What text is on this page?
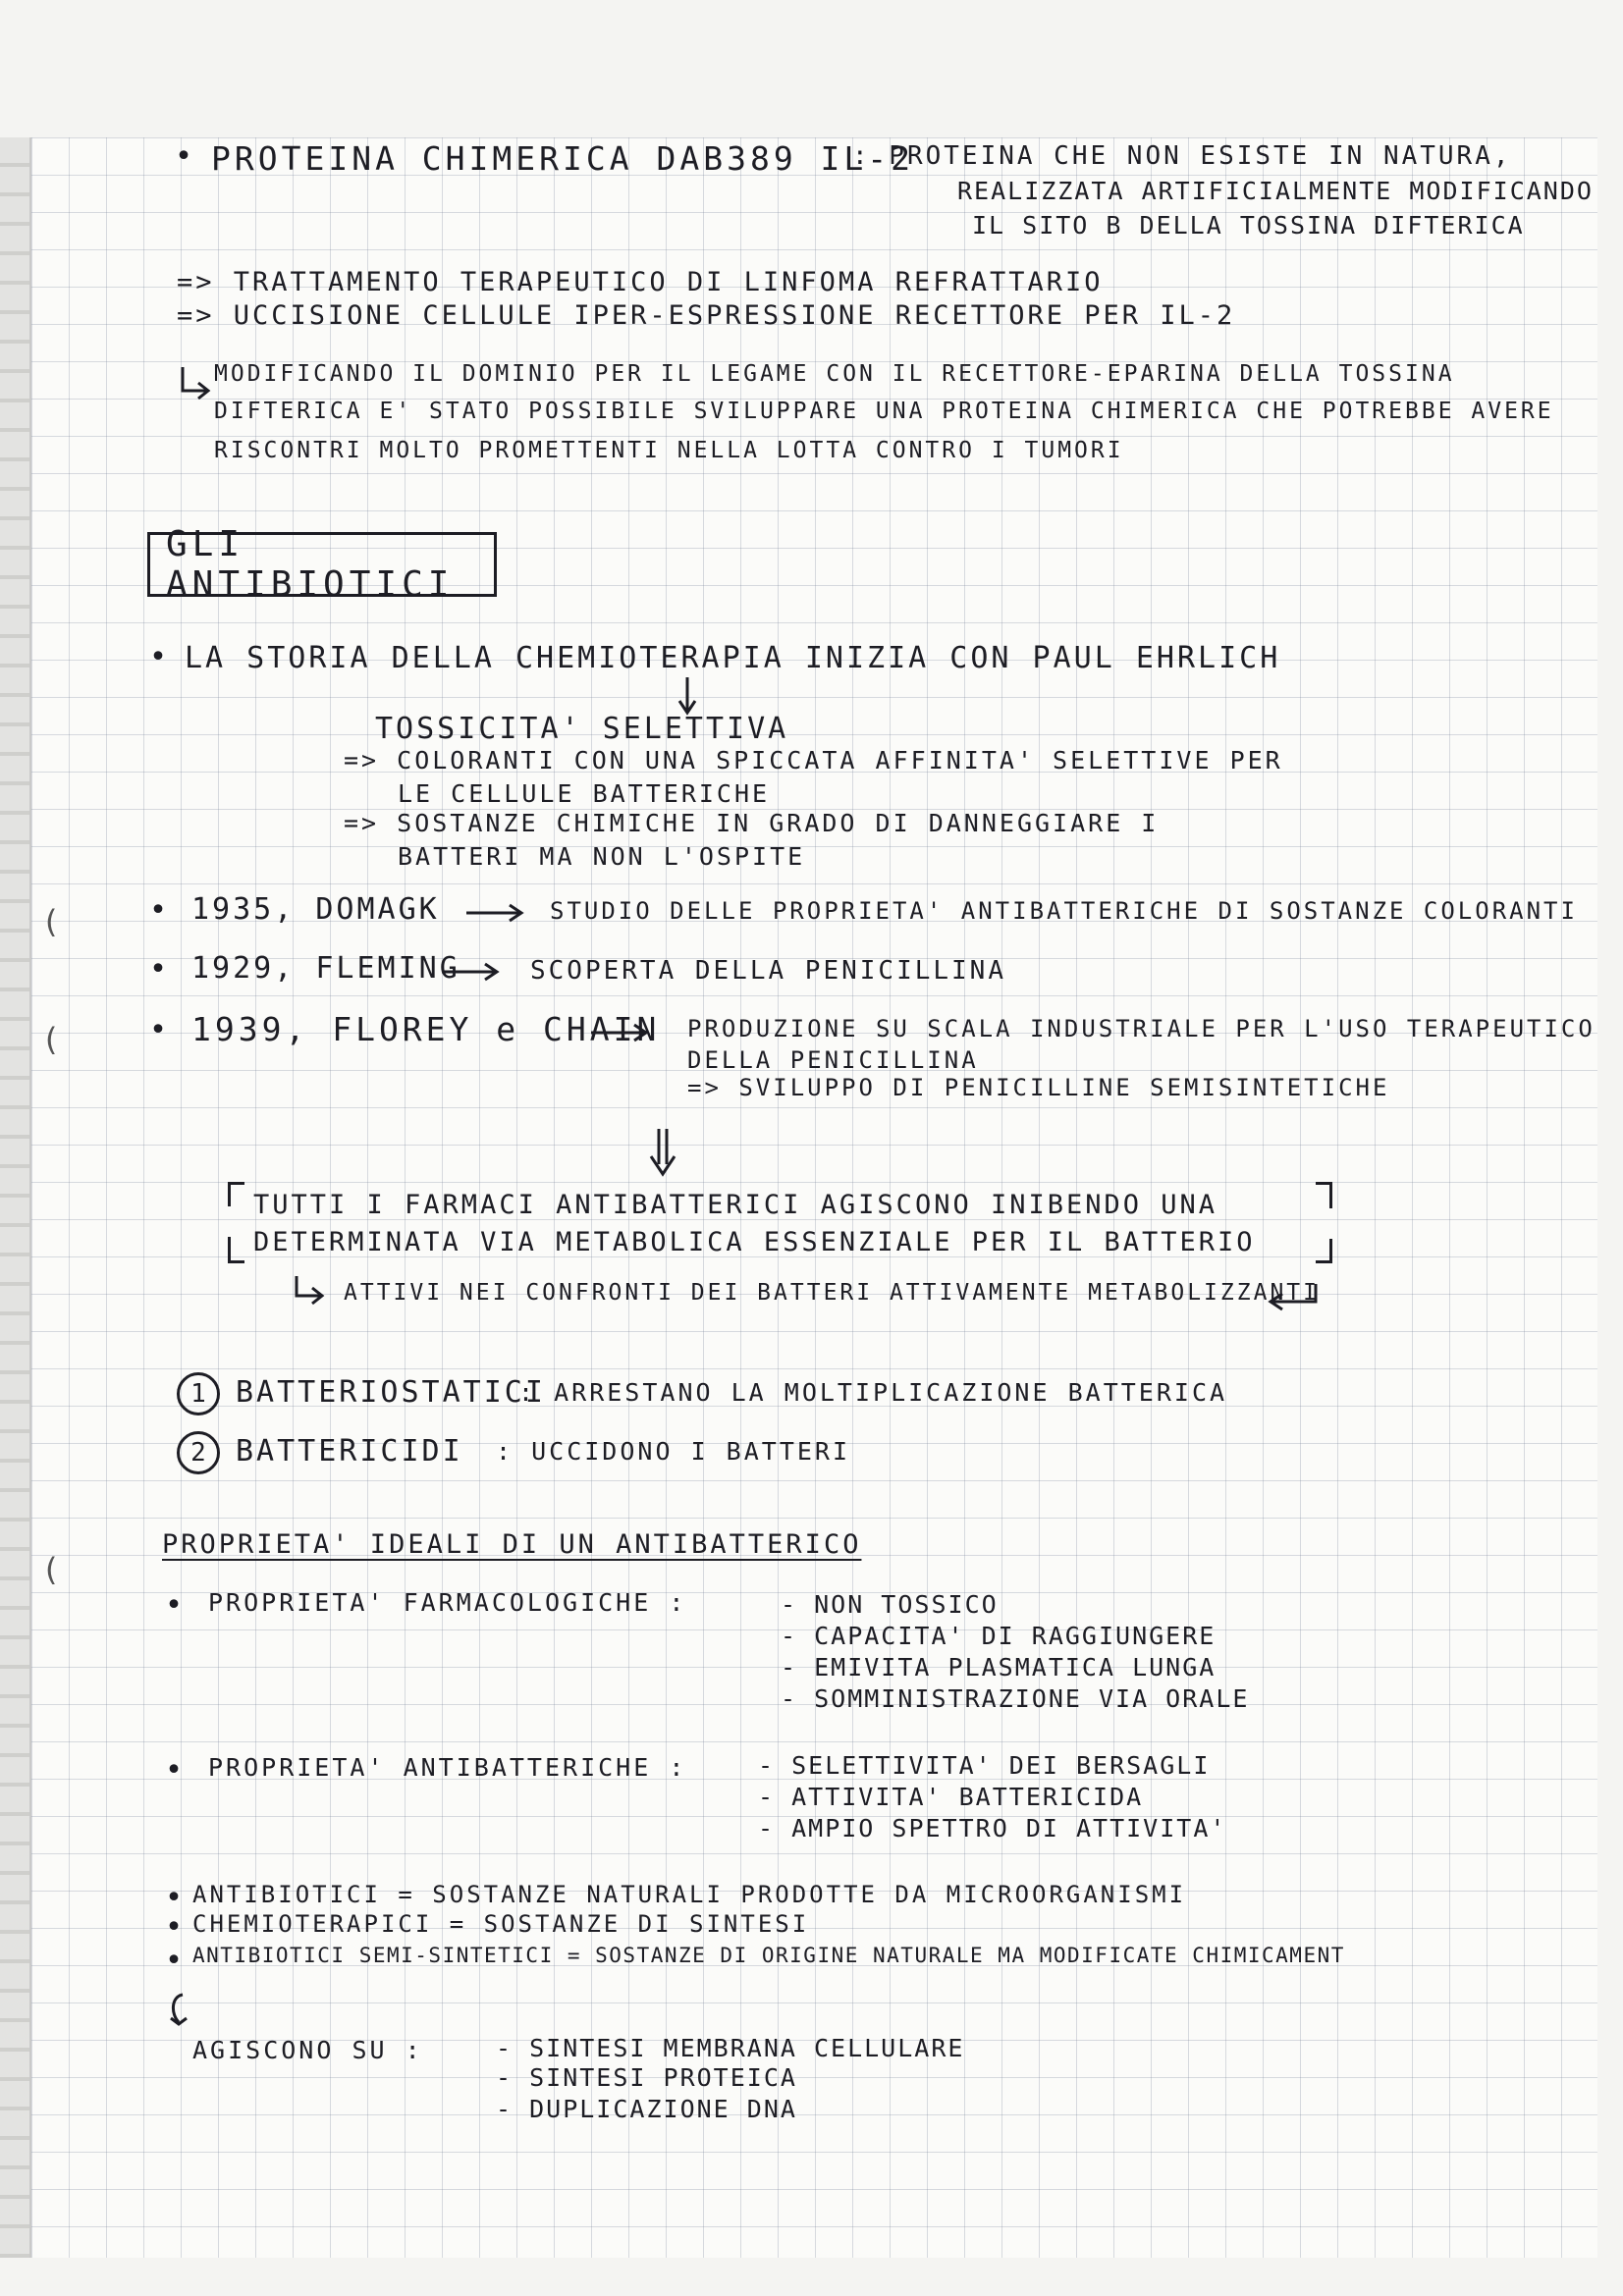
(
(
(
• PROTEINA CHIMERICA DAB389 IL-2
: PROTEINA CHE NON ESISTE IN NATURA,
REALIZZATA ARTIFICIALMENTE MODIFICANDO
IL SITO B DELLA TOSSINA DIFTERICA
=> TRATTAMENTO TERAPEUTICO DI LINFOMA REFRATTARIO
=> UCCISIONE CELLULE IPER-ESPRESSIONE RECETTORE PER IL-2
MODIFICANDO IL DOMINIO PER IL LEGAME CON IL RECETTORE-EPARINA DELLA TOSSINA
DIFTERICA E' STATO POSSIBILE SVILUPPARE UNA PROTEINA CHIMERICA CHE POTREBBE AVERE
RISCONTRI MOLTO PROMETTENTI NELLA LOTTA CONTRO I TUMORI
GLI ANTIBIOTICI
• LA STORIA DELLA CHEMIOTERAPIA INIZIA CON PAUL EHRLICH
TOSSICITA' SELETTIVA
=> COLORANTI CON UNA SPICCATA AFFINITA' SELETTIVE PER
LE CELLULE BATTERICHE
=> SOSTANZE CHIMICHE IN GRADO DI DANNEGGIARE I
BATTERI MA NON L'OSPITE
• 1935, DOMAGK	STUDIO DELLE PROPRIETA' ANTIBATTERICHE DI SOSTANZE COLORANTI
• 1929, FLEMING	SCOPERTA DELLA PENICILLINA
• 1939, FLOREY e CHAIN PRODUZIONE SU SCALA INDUSTRIALE PER L'USO TERAPEUTICO
DELLA PENICILLINA
=> SVILUPPO DI PENICILLINE SEMISINTETICHE
TUTTI I FARMACI ANTIBATTERICI AGISCONO INIBENDO UNA
DETERMINATA VIA METABOLICA ESSENZIALE PER IL BATTERIO
ATTIVI NEI CONFRONTI DEI BATTERI ATTIVAMENTE METABOLIZZANTI
1	BATTERIOSTATICI
: ARRESTANO LA MOLTIPLICAZIONE BATTERICA
2	BATTERICIDI : UCCIDONO I BATTERI
PROPRIETA' IDEALI DI UN ANTIBATTERICO
• PROPRIETA' FARMACOLOGICHE :	- NON TOSSICO
- CAPACITA' DI RAGGIUNGERE
- EMIVITA PLASMATICA LUNGA
- SOMMINISTRAZIONE VIA ORALE
• PROPRIETA' ANTIBATTERICHE :	- SELETTIVITA' DEI BERSAGLI
- ATTIVITA' BATTERICIDA
- AMPIO SPETTRO DI ATTIVITA'
• ANTIBIOTICI = SOSTANZE NATURALI PRODOTTE DA MICROORGANISMI
• CHEMIOTERAPICI = SOSTANZE DI SINTESI
• ANTIBIOTICI SEMI-SINTETICI = SOSTANZE DI ORIGINE NATURALE MA MODIFICATE CHIMICAMENT
AGISCONO SU :	- SINTESI MEMBRANA CELLULARE
- SINTESI PROTEICA
- DUPLICAZIONE DNA
